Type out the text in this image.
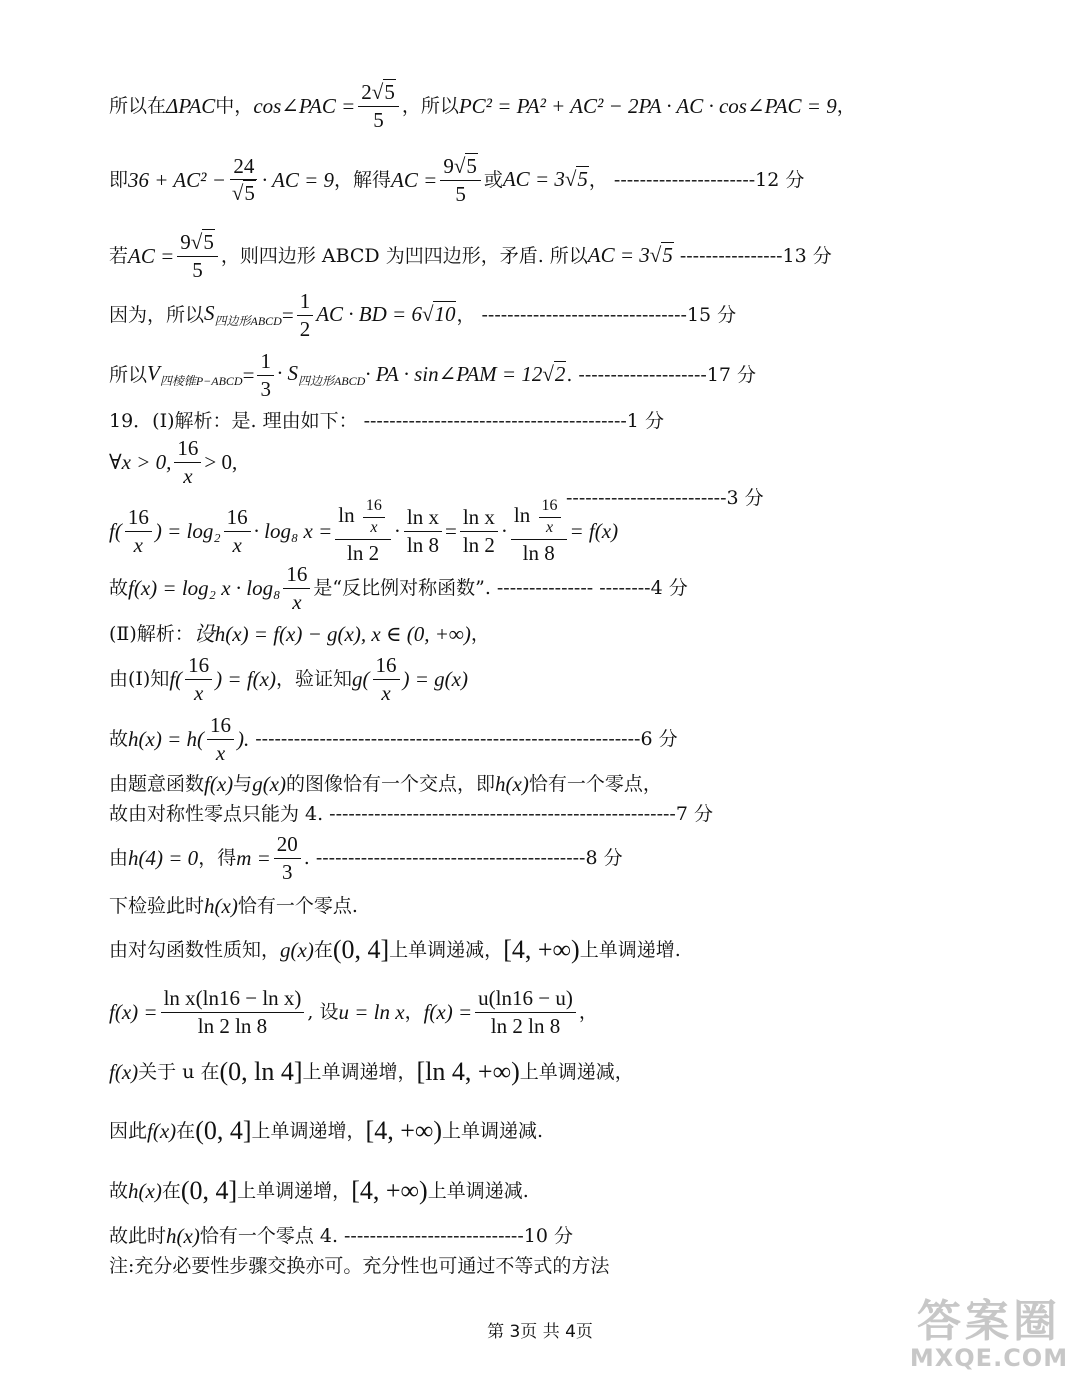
所以在 ΔPAC 中， cos∠PAC = $\frac{2√5}{5}$ ，所以 PC² = PA² + AC² − 2PA · AC · cos∠PAC = 9 ，
即 $36 + AC^2 - \frac{24}{√5}$ · AC = 9 ，解得 AC = $\frac{9√5}{5}$ 或 AC = 3√5 ， ----------------------12 分
若 AC = $\frac{9√5}{5}$ ，则四边形 ABCD 为凹四边形，矛盾. 所以 AC = 3√5 ----------------13 分
因为，所以 $S_{四边形ABCD} = \frac{1}{2}$ AC · BD = 6√10 ， --------------------------------15 分
所以 $V_{四棱锥P-ABCD} = \frac{1}{3} \cdot S_{四边形ABCD}$ · PA · sin∠PAM = 12√2 . --------------------17 分
19．(Ⅰ)解析：是. 理由如下： -----------------------------------------1 分
∀x > 0, $\frac{16}{x} > 0$,
$f( \frac{16}{x}$ ) = $\log_2 \frac{16}{x} \cdot \log_8$ $x = \frac{\ln \frac{16}{x}}{\ln 2} \cdot \frac{\text{ln x}}{\ln 8} = \frac{\text{ln x}}{\ln 2} \cdot \frac{\ln \frac{16}{x}}{\ln 8} = f(x)$
-------------------------3 分
故 f(x) = log₂ $x \cdot \log_8 \frac{16}{x}$ 是“反比例对称函数”. --------------- --------4 分
(Ⅱ)解析： 设h(x) = f(x) − g(x), x ∈ (0, +∞) ，
由(Ⅰ)知 $f( \frac{16}{x}$ ) = f(x) ，验证知 $g( \frac{16}{x}$ ) = g(x)
故 $h(x) = h( \frac{16}{x}$ ). ------------------------------------------------------------6 分
由题意函数 f(x) 与 g(x) 的图像恰有一个交点，即 h(x) 恰有一个零点，
故由对称性零点只能为 4. ------------------------------------------------------7 分
由 h(4) = 0 ，得 $m = \frac{20}{3}$ . ------------------------------------------8 分
下检验此时 h(x) 恰有一个零点.
由对勾函数性质知， g(x) 在 (0, 4] 上单调递减， [4, +∞) 上单调递增.
$f(x) = \frac{\text{ln x(ln16 − ln x)}}{\ln 2 \ln 8}$ , 设 u = ln x ， $f(x) = \frac{u(\ln 16 - u)}{\ln 2 \ln 8}$ ，
f(x) 关于 u 在 (0, ln 4] 上单调递增， [ln 4, +∞) 上单调递减，
因此 f(x) 在 (0, 4] 上单调递增， [4, +∞) 上单调递减.
故 h(x) 在 (0, 4] 上单调递增， [4, +∞) 上单调递减.
故此时 h(x) 恰有一个零点 4. ----------------------------10 分
注:充分必要性步骤交换亦可。充分性也可通过不等式的方法
第 3页 共 4页	答案圈
MXQE.COM
